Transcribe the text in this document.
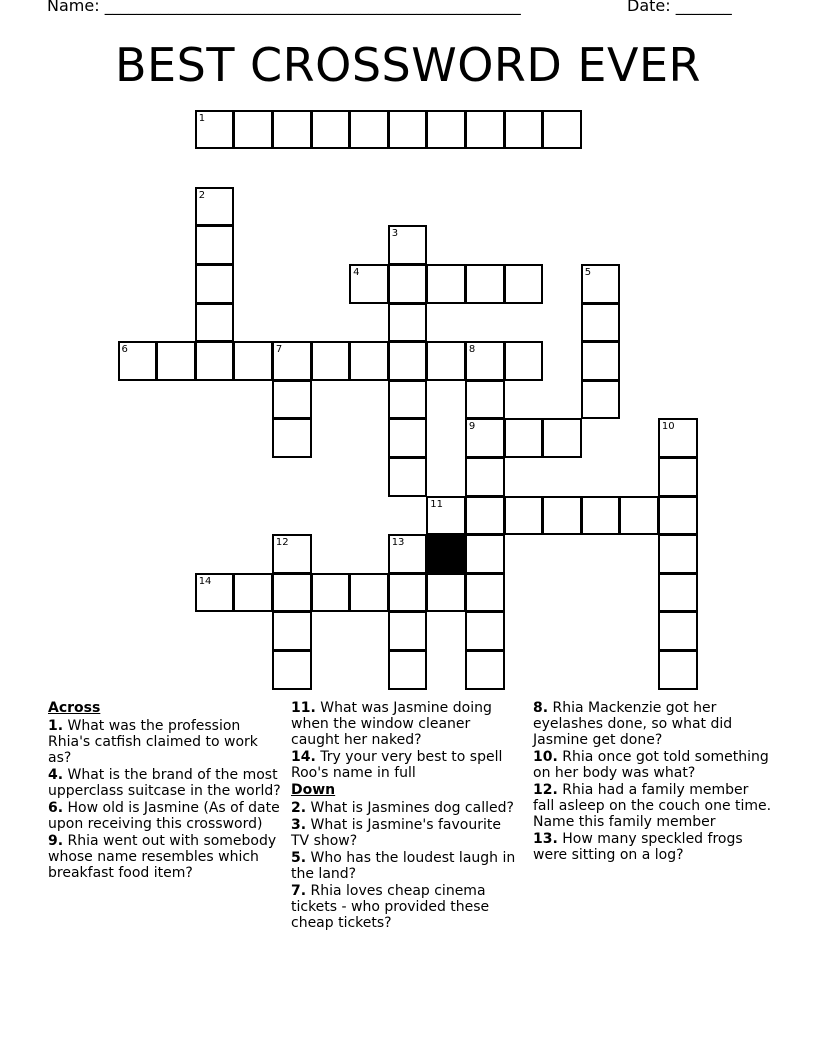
Name: ____________________________________________________	Date: _______
BEST CROSSWORD EVER
1
2
3
4	5
6	7	8
9	10
11
12	13
14
Across
1. What was the profession Rhia's catfish claimed to work as?
4. What is the brand of the most upperclass suitcase in the world?
6. How old is Jasmine (As of date upon receiving this crossword)
9. Rhia went out with somebody whose name resembles which breakfast food item?
11. What was Jasmine doing when the window cleaner caught her naked?
14. Try your very best to spell Roo's name in full
Down
2. What is Jasmines dog called?
3. What is Jasmine's favourite TV show?
5. Who has the loudest laugh in the land?
7. Rhia loves cheap cinema tickets - who provided these cheap tickets?
8. Rhia Mackenzie got her eyelashes done, so what did Jasmine get done?
10. Rhia once got told something on her body was what?
12. Rhia had a family member fall asleep on the couch one time. Name this family member
13. How many speckled frogs were sitting on a log?
